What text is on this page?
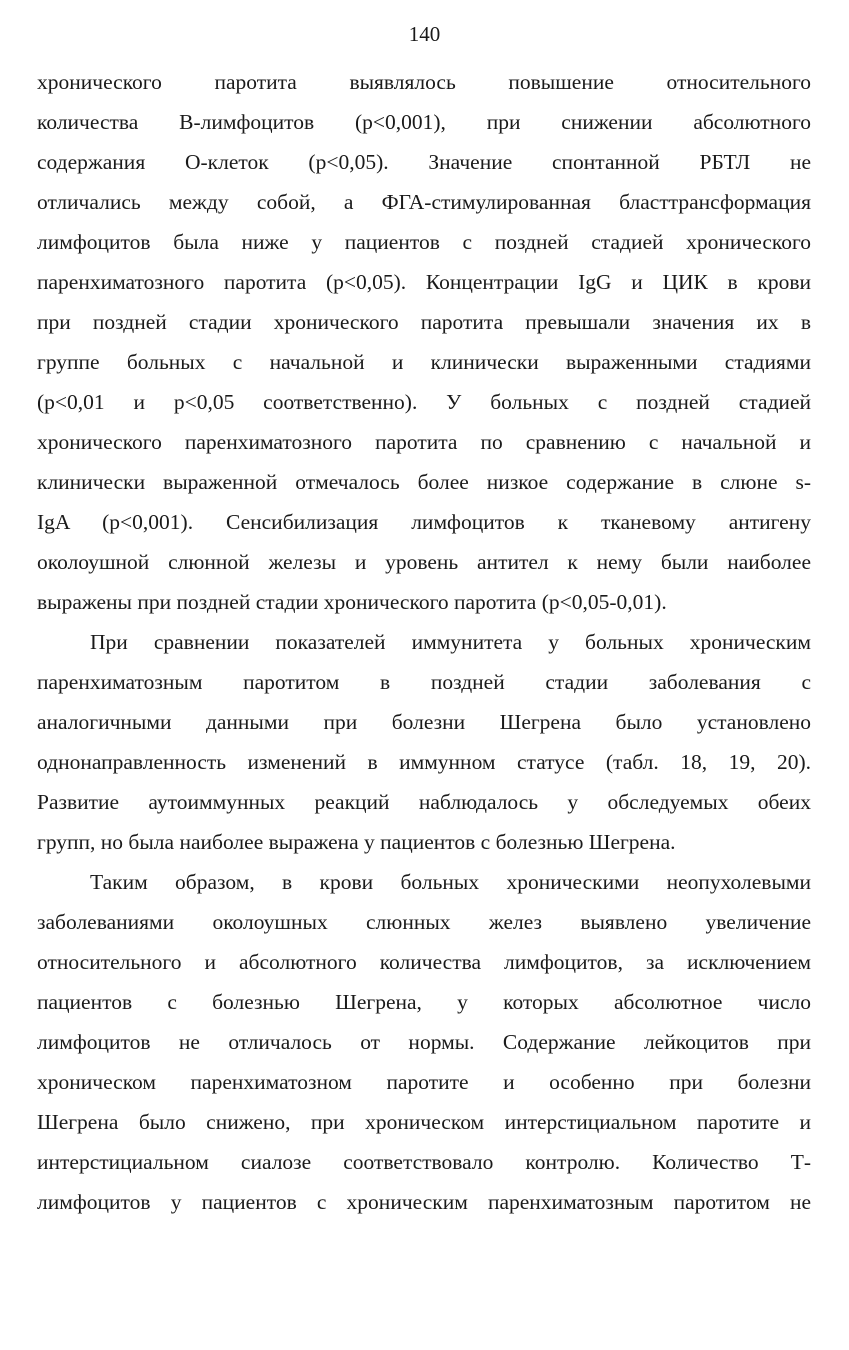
140
хронического паротита выявлялось повышение относительного
количества В-лимфоцитов (p<0,001), при снижении абсолютного
содержания О-клеток (р<0,05). Значение спонтанной РБТЛ не
отличались между собой, а ФГА-стимулированная бласттрансформация
лимфоцитов была ниже у пациентов с поздней стадией хронического
паренхиматозного паротита (p<0,05). Концентрации IgG и ЦИК в крови
при поздней стадии хронического паротита превышали значения их в
группе больных с начальной и клинически выраженными стадиями
(р<0,01 и р<0,05 соответственно). У больных с поздней стадией
хронического паренхиматозного паротита по сравнению с начальной и
клинически выраженной отмечалось более низкое содержание в слюне s-
IgA (p<0,001). Сенсибилизация лимфоцитов к тканевому антигену
околоушной слюнной железы и уровень антител к нему были наиболее
выражены при поздней стадии хронического паротита (р<0,05-0,01).
При сравнении показателей иммунитета у больных хроническим
паренхиматозным паротитом в поздней стадии заболевания с
аналогичными данными при болезни Шегрена было установлено
однонаправленность изменений в иммунном статусе (табл. 18, 19, 20).
Развитие аутоиммунных реакций наблюдалось у обследуемых обеих
групп, но была наиболее выражена у пациентов с болезнью Шегрена.
Таким образом, в крови больных хроническими неопухолевыми
заболеваниями околоушных слюнных желез выявлено увеличение
относительного и абсолютного количества лимфоцитов, за исключением
пациентов с болезнью Шегрена, у которых абсолютное число
лимфоцитов не отличалось от нормы. Содержание лейкоцитов при
хроническом паренхиматозном паротите и особенно при болезни
Шегрена было снижено, при хроническом интерстициальном паротите и
интерстициальном сиалозе соответствовало контролю. Количество Т-
лимфоцитов у пациентов с хроническим паренхиматозным паротитом не
